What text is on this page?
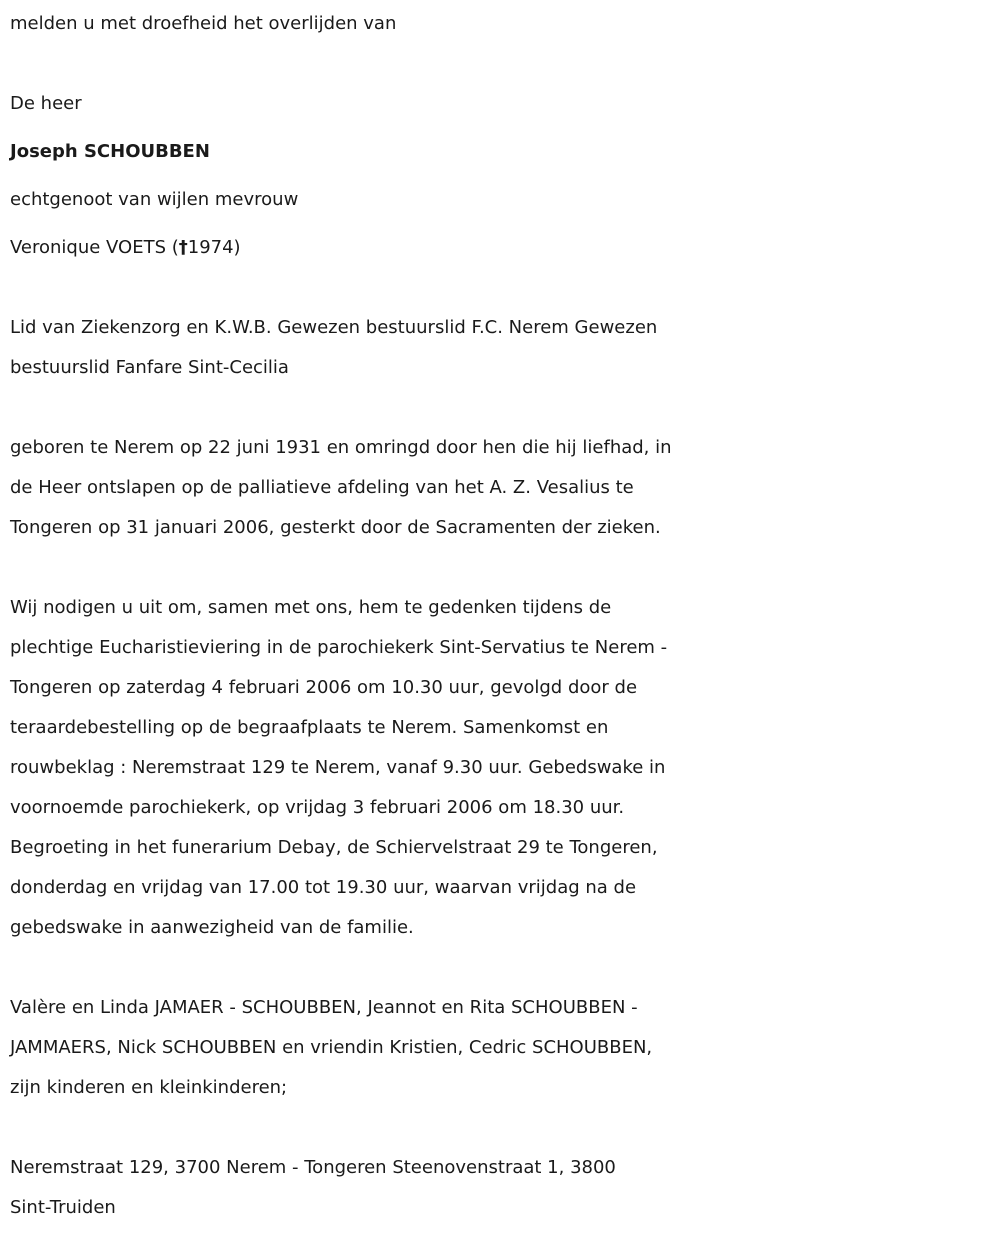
melden u met droefheid het overlijden van

De heer

Joseph SCHOUBBEN

echtgenoot van wijlen mevrouw

Veronique VOETS (†1974)

Lid van Ziekenzorg en K.W.B. Gewezen bestuurslid F.C. Nerem Gewezen

bestuurslid Fanfare Sint-Cecilia

geboren te Nerem op 22 juni 1931 en omringd door hen die hij liefhad, in

de Heer ontslapen op de palliatieve afdeling van het A. Z. Vesalius te

Tongeren op 31 januari 2006, gesterkt door de Sacramenten der zieken.

Wij nodigen u uit om, samen met ons, hem te gedenken tijdens de

plechtige Eucharistieviering in de parochiekerk Sint-Servatius te Nerem -

Tongeren op zaterdag 4 februari 2006 om 10.30 uur, gevolgd door de

teraardebestelling op de begraafplaats te Nerem. Samenkomst en

rouwbeklag : Neremstraat 129 te Nerem, vanaf 9.30 uur. Gebedswake in

voornoemde parochiekerk, op vrijdag 3 februari 2006 om 18.30 uur.

Begroeting in het funerarium Debay, de Schiervelstraat 29 te Tongeren,

donderdag en vrijdag van 17.00 tot 19.30 uur, waarvan vrijdag na de

gebedswake in aanwezigheid van de familie.

Valère en Linda JAMAER - SCHOUBBEN, Jeannot en Rita SCHOUBBEN -

JAMMAERS, Nick SCHOUBBEN en vriendin Kristien, Cedric SCHOUBBEN,

zijn kinderen en kleinkinderen;

Neremstraat 129, 3700 Nerem - Tongeren Steenovenstraat 1, 3800

Sint-Truiden
